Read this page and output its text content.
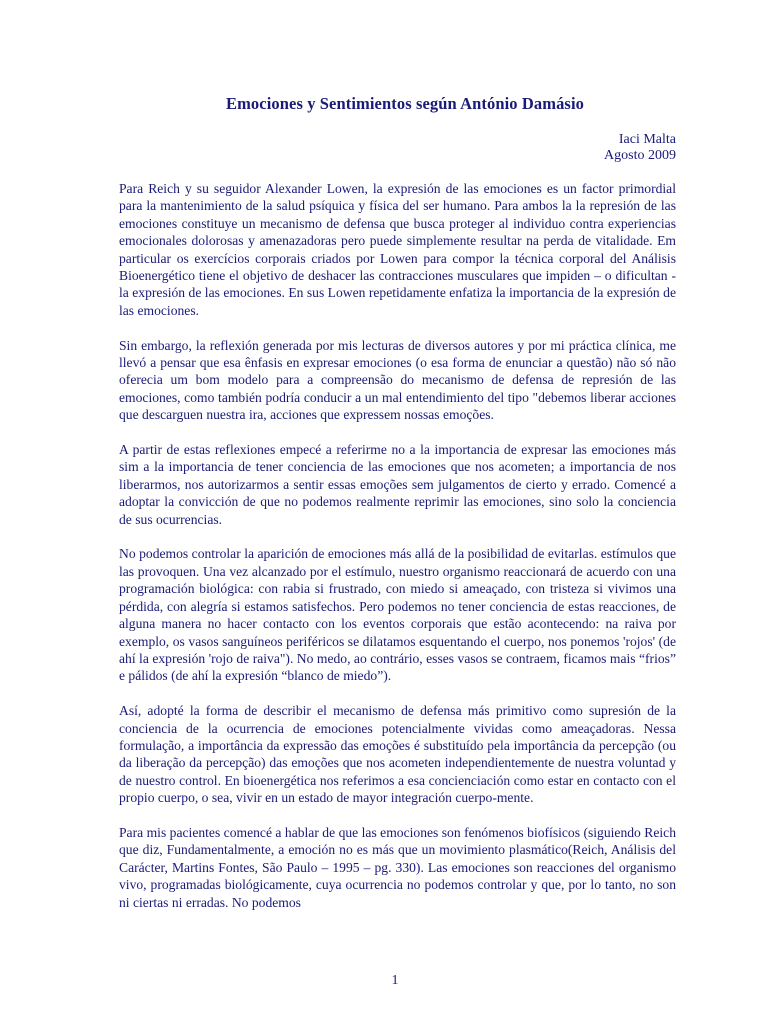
Emociones y Sentimientos según António Damásio
Iaci Malta
Agosto 2009

Para Reich y su seguidor Alexander Lowen, la expresión de las emociones es un factor primordial para la mantenimiento de la salud psíquica y física del ser humano. Para ambos la la represión de las emociones constituye un mecanismo de defensa que busca proteger al individuo contra experiencias emocionales dolorosas y amenazadoras pero puede simplemente resultar na perda de vitalidade. Em particular os exercícios corporais criados por Lowen para compor la técnica corporal del Análisis Bioenergético tiene el objetivo de deshacer las contracciones musculares que impiden – o dificultan - la expresión de las emociones. En sus Lowen repetidamente enfatiza la importancia de la expresión de las emociones.

Sin embargo, la reflexión generada por mis lecturas de diversos autores y por mi práctica clínica, me llevó a pensar que esa ênfasis en expresar emociones (o esa forma de enunciar a questão) não só não oferecia um bom modelo para a compreensão do mecanismo de defensa de represión de las emociones, como también podría conducir a un mal entendimiento del tipo "debemos liberar acciones que descarguen nuestra ira, acciones que expressem nossas emoções.

A partir de estas reflexiones empecé a referirme no a la importancia de expresar las emociones más sim a la importancia de tener conciencia de las emociones que nos acometen; a importancia de nos liberarmos, nos autorizarmos a sentir essas emoções sem julgamentos de cierto y errado. Comencé a adoptar la convicción de que no podemos realmente reprimir las emociones, sino solo la conciencia de sus ocurrencias.

No podemos controlar la aparición de emociones más allá de la posibilidad de evitarlas. estímulos que las provoquen. Una vez alcanzado por el estímulo, nuestro organismo reaccionará de acuerdo con una programación biológica: con rabia si frustrado, con miedo si ameaçado, con tristeza si vivimos una pérdida, con alegría si estamos satisfechos. Pero podemos no tener conciencia de estas reacciones, de alguna manera no hacer contacto con los eventos corporais que estão acontecendo: na raiva por exemplo, os vasos sanguíneos periféricos se dilatamos esquentando el cuerpo, nos ponemos 'rojos' (de ahí la expresión 'rojo de raiva"). No medo, ao contrário, esses vasos se contraem, ficamos mais “frios” e pálidos (de ahí la expresión “blanco de miedo”).

Así, adopté la forma de describir el mecanismo de defensa más primitivo como supresión de la conciencia de la ocurrencia de emociones potencialmente vividas como ameaçadoras. Nessa formulação, a importância da expressão das emoções é substituído pela importância da percepção (ou da liberação da percepção) das emoções que nos acometen independientemente de nuestra voluntad y de nuestro control. En bioenergética nos referimos a esa concienciación como estar en contacto con el propio cuerpo, o sea, vivir en un estado de mayor integración cuerpo-mente.

Para mis pacientes comencé a hablar de que las emociones son fenómenos biofísicos (siguiendo Reich que diz, Fundamentalmente, a emoción no es más que un movimiento plasmático(Reich, Análisis del Carácter, Martins Fontes, São Paulo – 1995 – pg. 330). Las emociones son reacciones del organismo vivo, programadas biológicamente, cuya ocurrencia no podemos controlar y que, por lo tanto, no son ni ciertas ni erradas. No podemos

1
